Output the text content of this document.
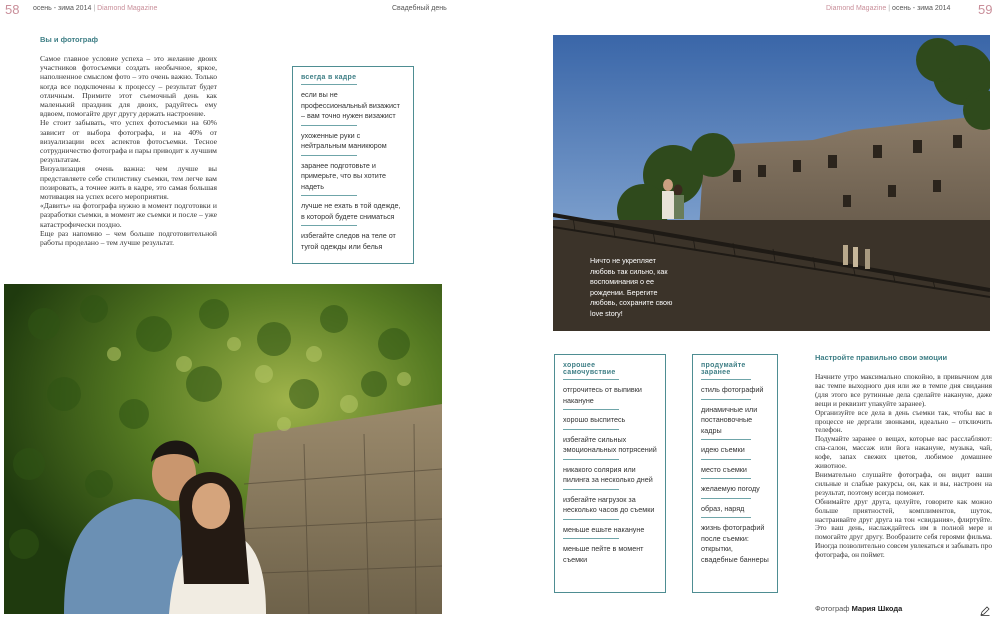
58 осень - зима 2014 | Diamond Magazine	Свадебный день	Diamond Magazine | осень - зима 2014 59
Вы и фотограф

Самое главное условие успеха – это желание двоих участников фотосъемки создать необычное, яркое, наполненное смыслом фото – это очень важно. Только когда все подключены к процессу – результат будет отличным. Примите этот съемочный день как маленький праздник для двоих, радуйтесь ему вдвоем, помогайте друг другу держать настроение.

Не стоит забывать, что успех фотосъемки на 60% зависит от выбора фотографа, и на 40% от визуализации всех аспектов фотосъемки. Тесное сотрудничество фотографа и пары приводит к лучшим результатам.

Визуализация очень важна: чем лучше вы представляете себе стилистику съемки, тем легче вам позировать, а точнее жить в кадре, это самая большая мотивация на успех всего мероприятия.

«Давить» на фотографа нужно в момент подготовки и разработки съемки, в момент же съемки и после – уже катастрофически поздно.

Еще раз напомню – чем больше подготовительной работы проделано – тем лучше результат.

всегда в кадре
если вы не профессиональный визажист – вам точно нужен визажист
ухоженные руки с нейтральным маникюром
заранее подготовьте и примерьте, что вы хотите надеть
лучше не ехать в той одежде, в которой будете сниматься
избегайте следов на теле от тугой одежды или белья
Ничто не укрепляет любовь так сильно, как воспоминания о ее рождении. Берегите любовь, сохраните свою love story!
хорошее самочувствие
отгрочитесь от выпивки накануне
хорошо выспитесь
избегайте сильных эмоциональных потрясений
никакого солярия или пилинга за несколько дней
избегайте нагрузок за несколько часов до съемки
меньше ешьте накануне
меньше пейте в момент съемки
продумайте заранее
стиль фотографий
динамичные или постановочные кадры
идею съемки
место съемки
желаемую погоду
образ, наряд
жизнь фотографий после съемки: открытки, свадебные баннеры
Настройте правильно свои эмоции

Начните утро максимально спокойно, в привычном для вас темпе выходного дня или же в темпе дня свидания (для этого все рутинные дела сделайте накануне, даже вещи и реквизит упакуйте заранее).

Организуйте все дела в день съемки так, чтобы вас в процессе не дергали звонками, идеально – отключить телефон.

Подумайте заранее о вещах, которые вас расслабляют: спа-салон, массаж или йога накануне, музыка, чай, кофе, запах свежих цветов, любимое домашнее животное.

Внимательно слушайте фотографа, он видит ваши сильные и слабые ракурсы, он, как и вы, настроен на результат, поэтому всегда поможет.

Обнимайте друг друга, целуйте, говорите как можно больше приятностей, комплиментов, шуток, настраивайте друг друга на тон «свидания», флиртуйте. Это ваш день, наслаждайтесь им в полной мере и помогайте друг другу. Вообразите себя героями фильма. Иногда позволительно совсем увлекаться и забывать про фотографа, он поймет.

Фотограф Мария Шкода
